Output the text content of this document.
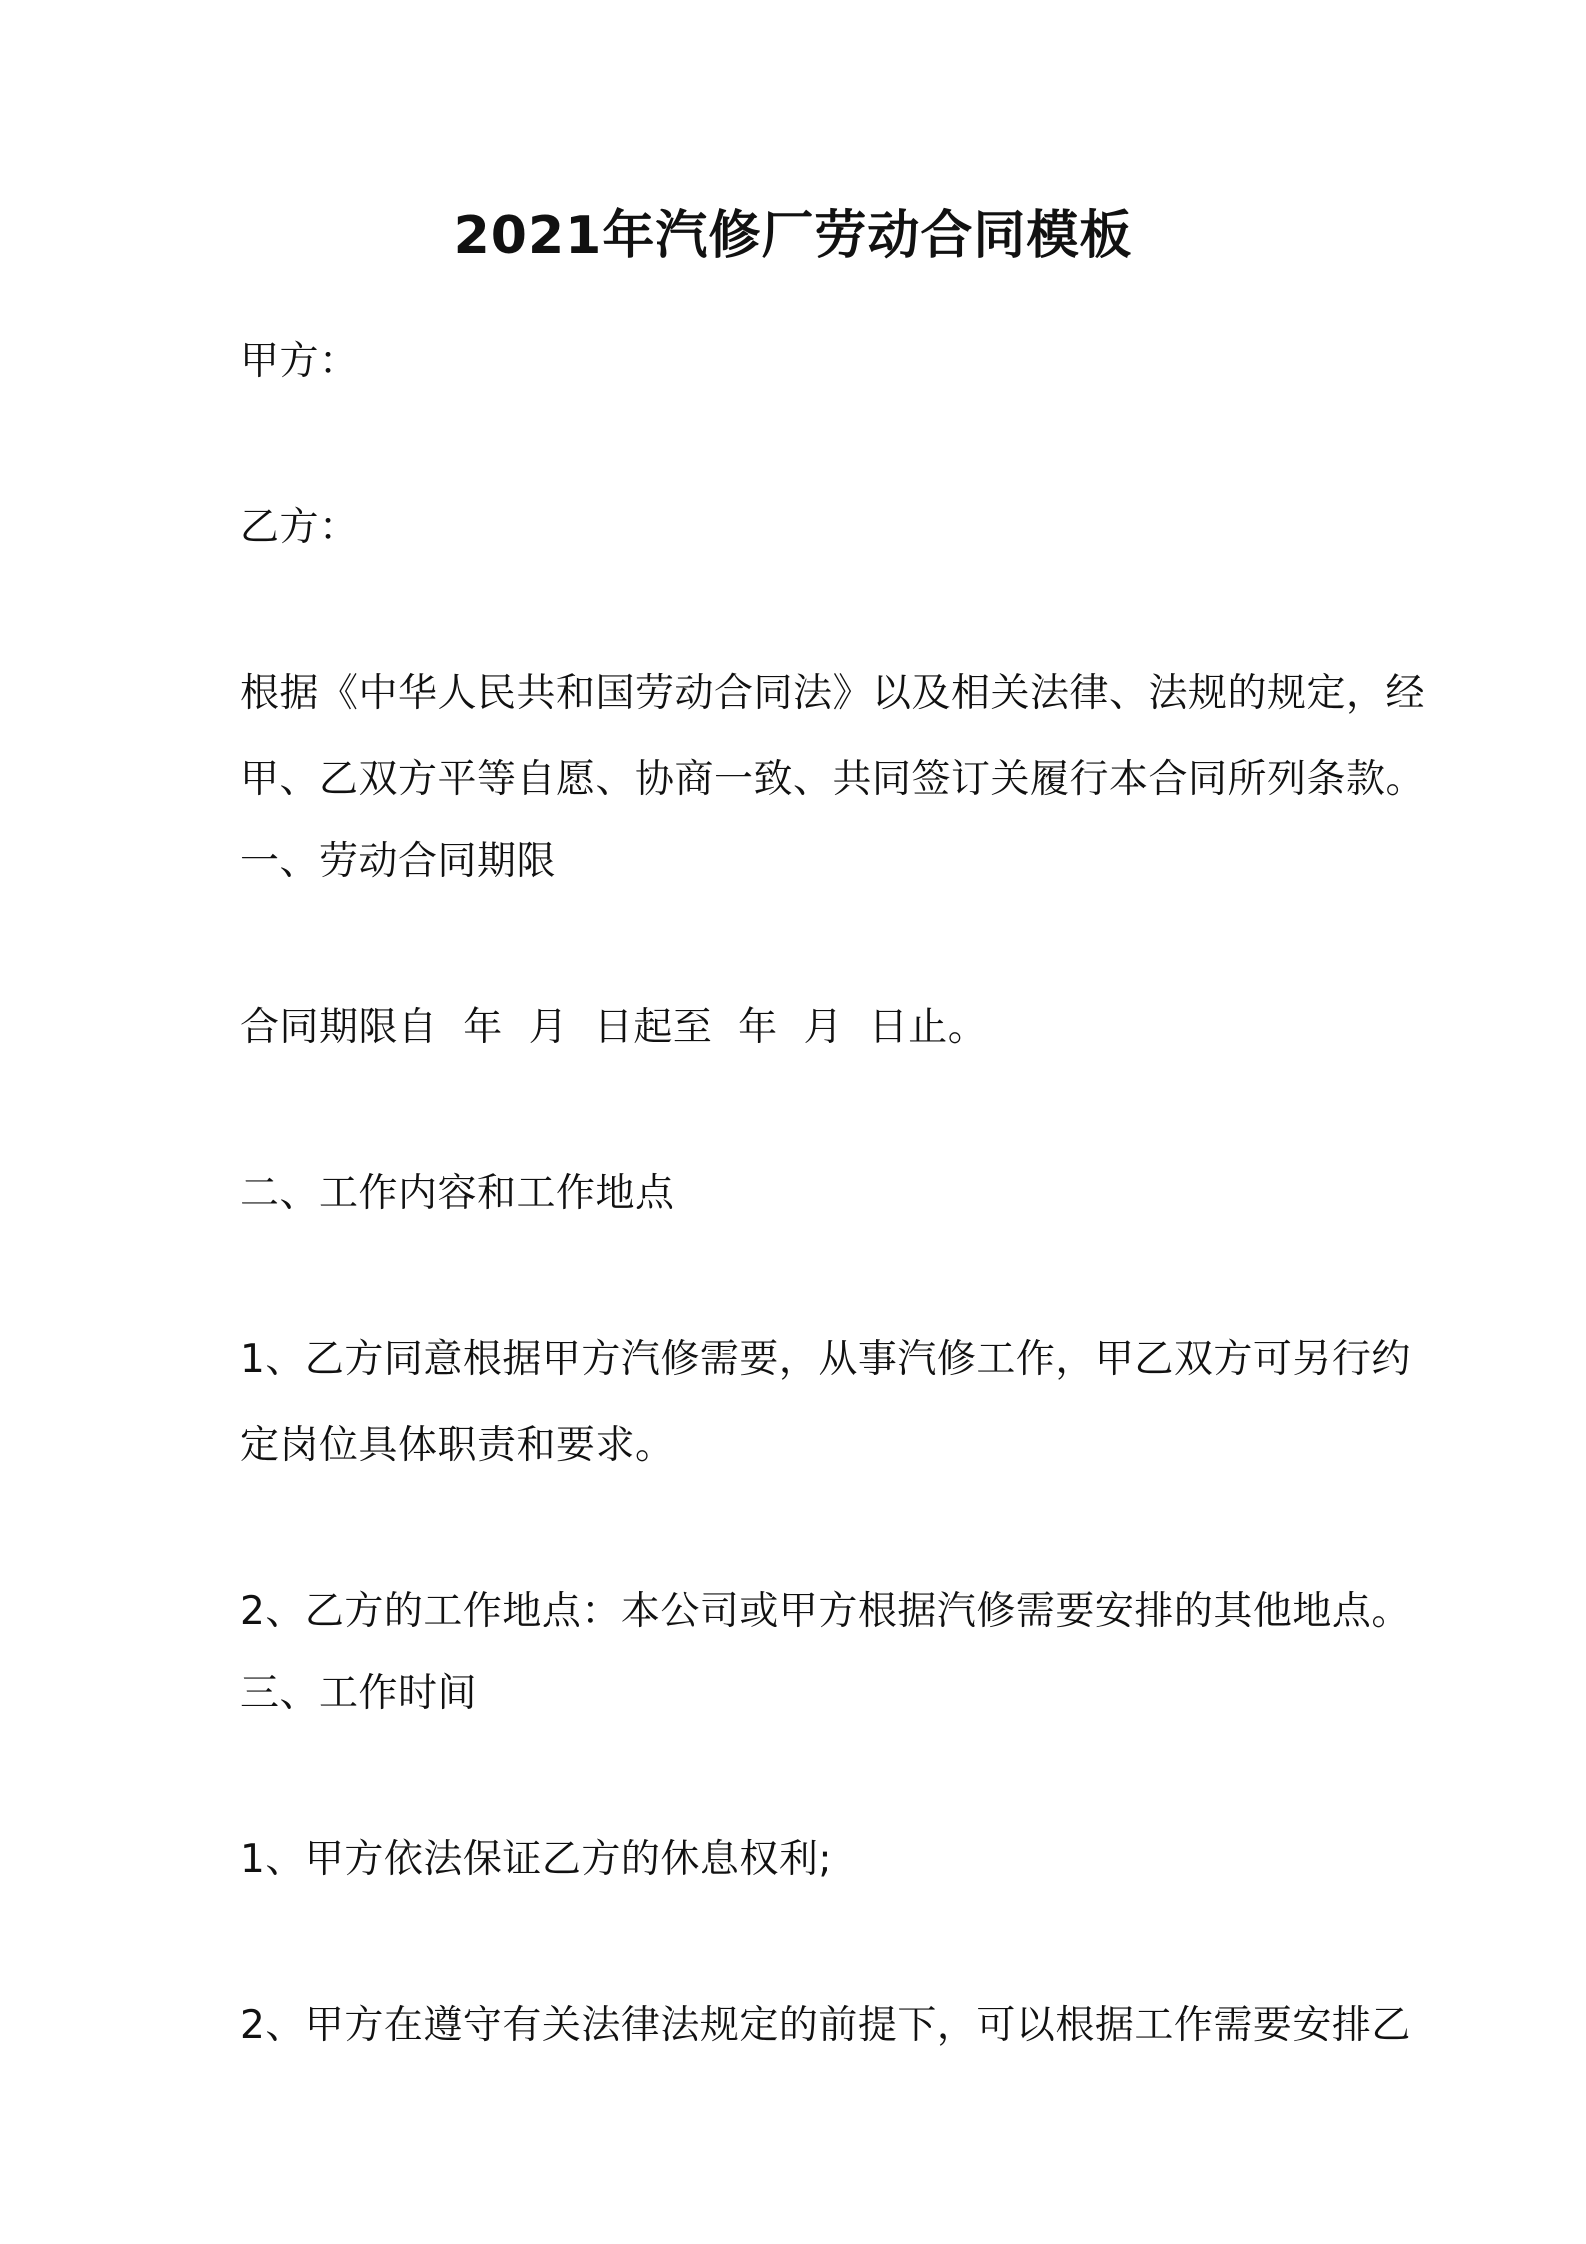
2021年汽修厂劳动合同模板
甲方：
乙方：
根据《中华人民共和国劳动合同法》以及相关法律、法规的规定，经
甲、乙双方平等自愿、协商一致、共同签订关履行本合同所列条款。
一、劳动合同期限
合同期限自  年  月  日起至  年  月  日止。
二、工作内容和工作地点
1、乙方同意根据甲方汽修需要，从事汽修工作，甲乙双方可另行约
定岗位具体职责和要求。
2、乙方的工作地点：本公司或甲方根据汽修需要安排的其他地点。
三、工作时间
1、甲方依法保证乙方的休息权利;
2、甲方在遵守有关法律法规定的前提下，可以根据工作需要安排乙
